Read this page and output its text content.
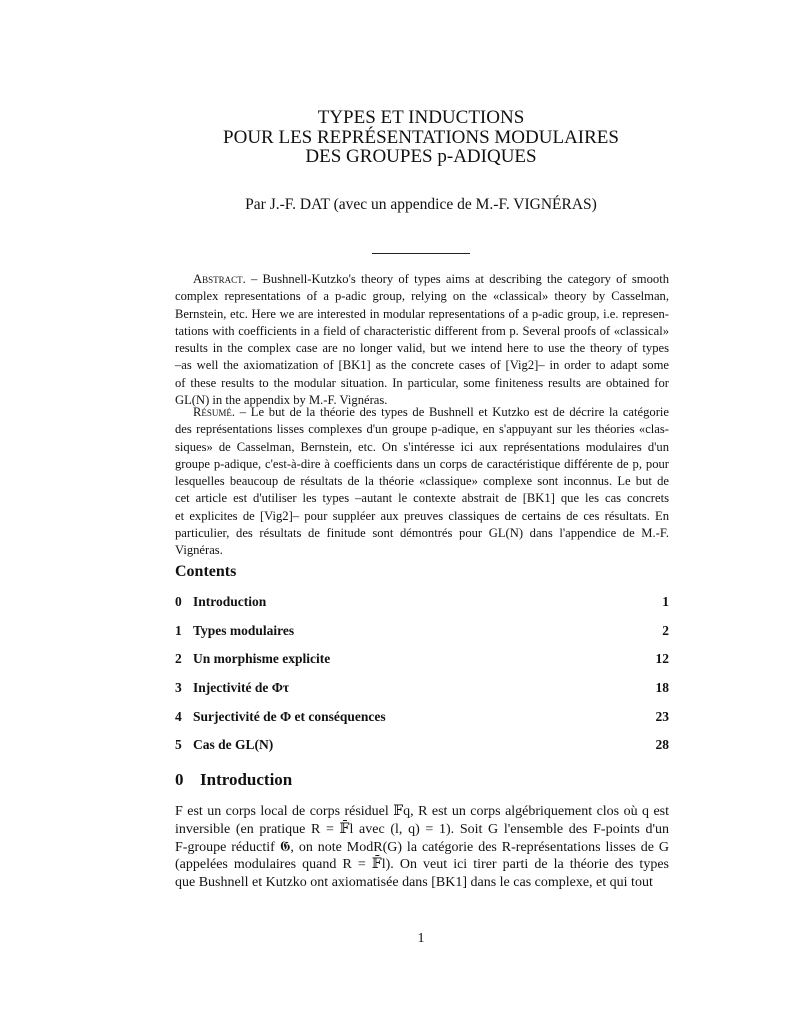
TYPES ET INDUCTIONS
POUR LES REPRÉSENTATIONS MODULAIRES
DES GROUPES p-ADIQUES
Par J.-F. DAT (avec un appendice de M.-F. VIGNÉRAS)
Abstract. – Bushnell-Kutzko's theory of types aims at describing the category of smooth
complex representations of a p-adic group, relying on the «classical» theory by Casselman,
Bernstein, etc. Here we are interested in modular representations of a p-adic group, i.e. represen-
tations with coefficients in a field of characteristic different from p. Several proofs of «classical»
results in the complex case are no longer valid, but we intend here to use the theory of types
–as well the axiomatization of [BK1] as the concrete cases of [Vig2]– in order to adapt some
of these results to the modular situation. In particular, some finiteness results are obtained for
GL(N) in the appendix by M.-F. Vignéras.
Résumé. – Le but de la théorie des types de Bushnell et Kutzko est de décrire la catégorie
des représentations lisses complexes d'un groupe p-adique, en s'appuyant sur les théories «clas-
siques» de Casselman, Bernstein, etc. On s'intéresse ici aux représentations modulaires d'un
groupe p-adique, c'est-à-dire à coefficients dans un corps de caractéristique différente de p, pour
lesquelles beaucoup de résultats de la théorie «classique» complexe sont inconnus. Le but de
cet article est d'utiliser les types –autant le contexte abstrait de [BK1] que les cas concrets
et explicites de [Vig2]– pour suppléer aux preuves classiques de certains de ces résultats. En
particulier, des résultats de finitude sont démontrés pour GL(N) dans l'appendice de M.-F.
Vignéras.
Contents
0 Introduction	1
1 Types modulaires	2
2 Un morphisme explicite	12
3 Injectivité de Φτ	18
4 Surjectivité de Φ et conséquences	23
5 Cas de GL(N)	28
0 Introduction
F est un corps local de corps résiduel 𝔽q, R est un corps algébriquement clos où q est
inversible (en pratique R = 𝔽̄l avec (l, q) = 1). Soit G l'ensemble des F-points d'un
F-groupe réductif 𝕲, on note ModR(G) la catégorie des R-représentations lisses de G
(appelées modulaires quand R = 𝔽̄l). On veut ici tirer parti de la théorie des types
que Bushnell et Kutzko ont axiomatisée dans [BK1] dans le cas complexe, et qui tout
1
